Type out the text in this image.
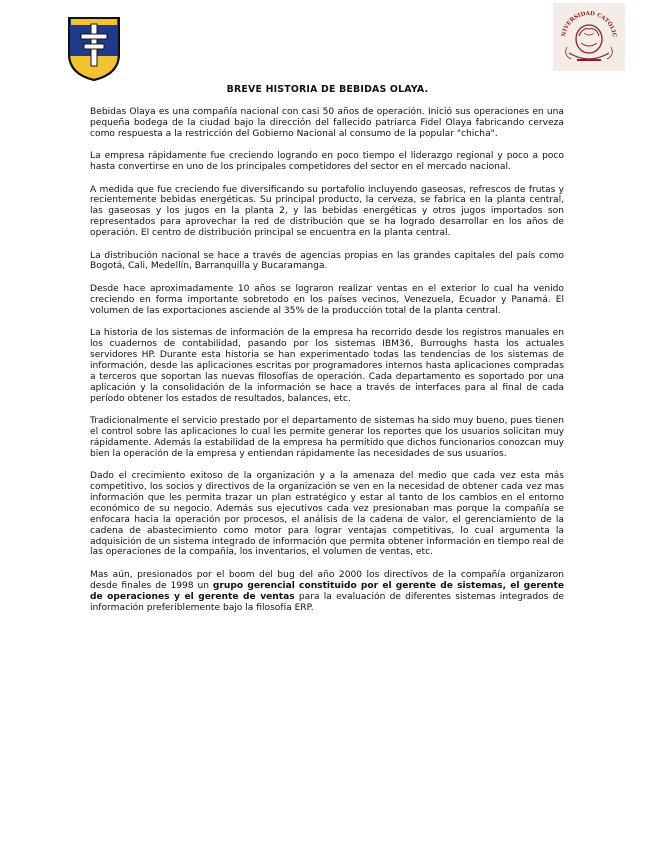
NIVERSIDAD CATÓLIC
BREVE HISTORIA DE BEBIDAS OLAYA.

Bebidas Olaya es una compañía nacional con casi 50 años de operación. Inició sus operaciones en una pequeña bodega de la ciudad bajo la dirección del fallecido patriarca Fidel Olaya fabricando cerveza como respuesta a la restricción del Gobierno Nacional al consumo de la popular "chicha".

La empresa rápidamente fue creciendo logrando en poco tiempo el liderazgo regional y poco a poco hasta convertirse en uno de los principales competidores del sector en el mercado nacional.

A medida que fue creciendo fue diversificando su portafolio incluyendo gaseosas, refrescos de frutas y recientemente bebidas energéticas. Su principal producto, la cerveza, se fabrica en la planta central, las gaseosas y los jugos en la planta 2, y las bebidas energéticas y otros jugos importados son representados para aprovechar la red de distribución que se ha logrado desarrollar en los años de operación. El centro de distribución principal se encuentra en la planta central.

La distribución nacional se hace a través de agencias propias en las grandes capitales del país como Bogotá, Cali, Medellín, Barranquilla y Bucaramanga.

Desde hace aproximadamente 10 años se lograron realizar ventas en el exterior lo cual ha venido creciendo en forma importante sobretodo en los países vecinos, Venezuela, Ecuador y Panamá. El volumen de las exportaciones asciende al 35% de la producción total de la planta central.

La historia de los sistemas de información de la empresa ha recorrido desde los registros manuales en los cuadernos de contabilidad, pasando por los sistemas IBM36, Burroughs hasta los actuales servidores HP. Durante esta historia se han experimentado todas las tendencias de los sistemas de información, desde las aplicaciones escritas por programadores internos hasta aplicaciones compradas a terceros que soportan las nuevas filosofías de operación. Cada departamento es soportado por una aplicación y la consolidación de la información se hace a través de interfaces para al final de cada período obtener los estados de resultados, balances, etc.

Tradicionalmente el servicio prestado por el departamento de sistemas ha sido muy bueno, pues tienen el control sobre las aplicaciones lo cual les permite generar los reportes que los usuarios solicitan muy rápidamente. Además la estabilidad de la empresa ha permitido que dichos funcionarios conozcan muy bien la operación de la empresa y entiendan rápidamente las necesidades de sus usuarios.

Dado el crecimiento exitoso de la organización y a la amenaza del medio que cada vez esta más competitivo, los socios y directivos de la organización se ven en la necesidad de obtener cada vez mas información que les permita trazar un plan estratégico y estar al tanto de los cambios en el entorno económico de su negocio. Además sus ejecutivos cada vez presionaban mas porque la compañía se enfocara hacia la operación por procesos, el análisis de la cadena de valor, el gerenciamiento de la cadena de abastecimiento como motor para lograr ventajas competitivas, lo cual argumenta la adquisición de un sistema integrado de información que permita obtener información en tiempo real de las operaciones de la compañía, los inventarios, el volumen de ventas, etc.

Mas aún, presionados por el boom del bug del año 2000 los directivos de la compañía organizaron desde finales de 1998 un grupo gerencial constituido por el gerente de sistemas, el gerente de operaciones y el gerente de ventas para la evaluación de diferentes sistemas integrados de información preferiblemente bajo la filosofía ERP.
